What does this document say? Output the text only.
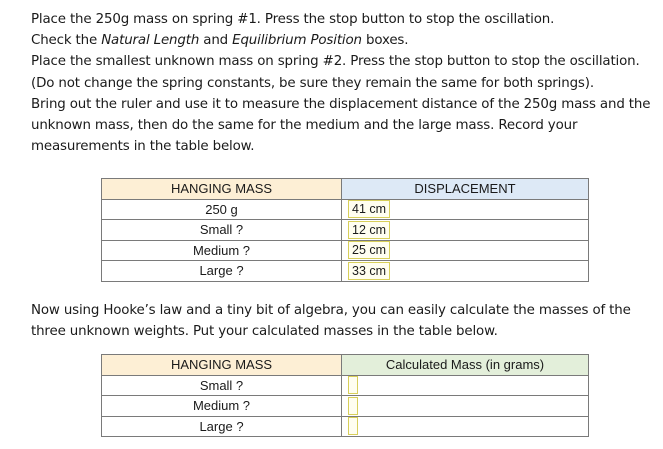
Place the 250g mass on spring #1. Press the stop button to stop the oscillation.

Check the Natural Length and Equilibrium Position boxes.

Place the smallest unknown mass on spring #2. Press the stop button to stop the oscillation.

(Do not change the spring constants, be sure they remain the same for both springs).

Bring out the ruler and use it to measure the displacement distance of the 250g mass and the

unknown mass, then do the same for the medium and the large mass. Record your

measurements in the table below.

HANGING MASS	DISPLACEMENT
250 g	41 cm
Small ?	12 cm
Medium ?	25 cm
Large ?	33 cm

Now using Hooke’s law and a tiny bit of algebra, you can easily calculate the masses of the

three unknown weights. Put your calculated masses in the table below.

HANGING MASS	Calculated Mass (in grams)
Small ?	
Medium ?	
Large ?	
